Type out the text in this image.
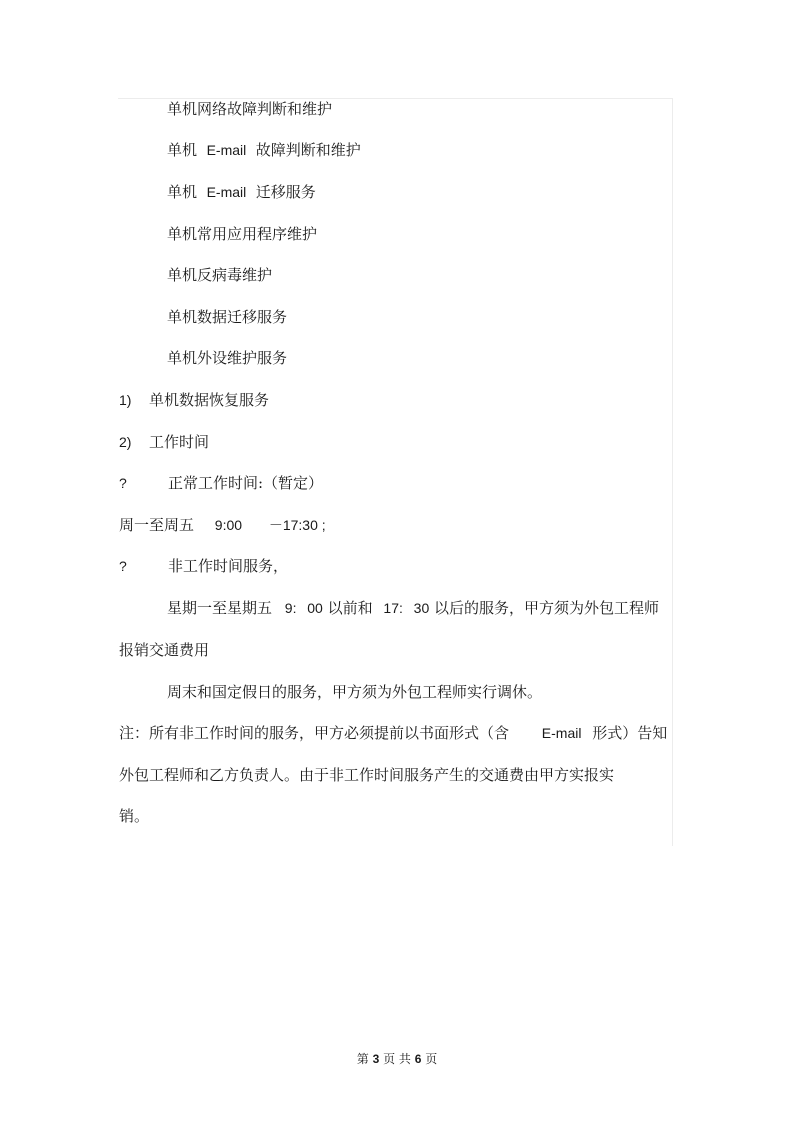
单机网络故障判断和维护
单机 E-mail 故障判断和维护
单机 E-mail 迁移服务
单机常用应用程序维护
单机反病毒维护
单机数据迁移服务
单机外设维护服务
1) 单机数据恢复服务
2) 工作时间
?	正常工作时间:（暂定）
周一至周五 9:00 －17:30 ;
?	非工作时间服务，
星期一至星期五 9: 00 以前和 17: 30 以后的服务，甲方须为外包工程师
报销交通费用
周末和国定假日的服务，甲方须为外包工程师实行调休。
注：所有非工作时间的服务，甲方必须提前以书面形式（含 E-mail 形式）告知
外包工程师和乙方负责人。由于非工作时间服务产生的交通费由甲方实报实
销。
第 3 页 共 6 页
